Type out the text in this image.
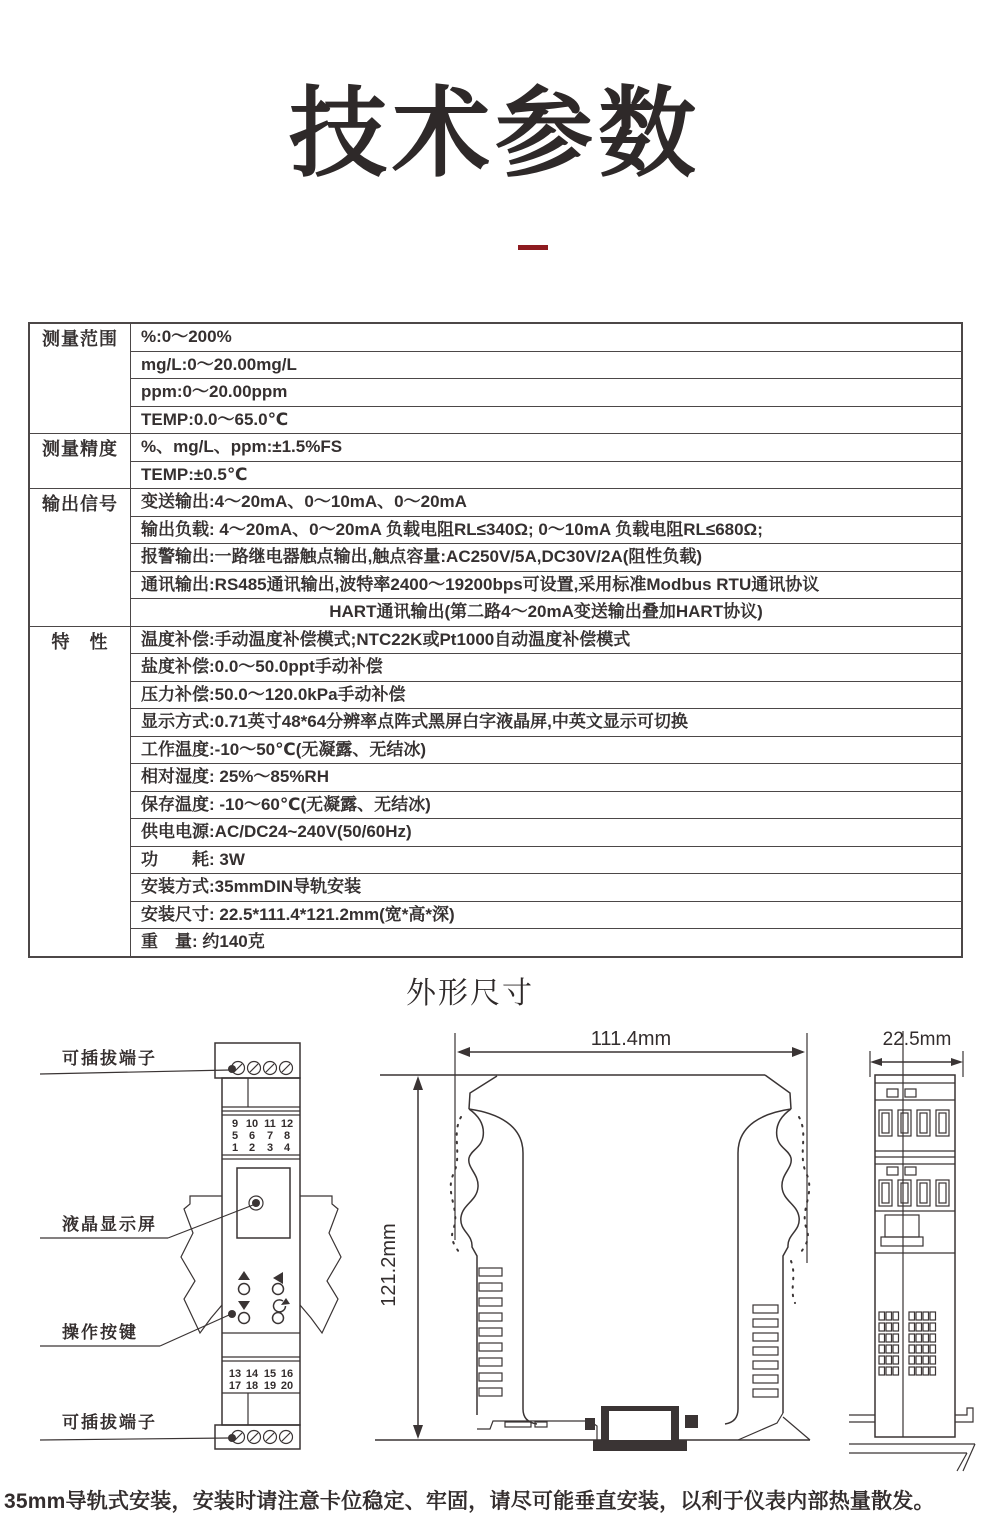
技术参数
测量范围	%:0～200%
	mg/L:0～20.00mg/L
	ppm:0～20.00ppm
	TEMP:0.0～65.0℃
测量精度	%、mg/L、ppm:±1.5%FS
	TEMP:±0.5℃
输出信号	变送输出:4～20mA、0～10mA、0～20mA
	输出负载: 4～20mA、0～20mA 负载电阻RL≤340Ω; 0～10mA 负载电阻RL≤680Ω;
	报警输出:一路继电器触点输出,触点容量:AC250V/5A,DC30V/2A(阻性负载)
	通讯输出:RS485通讯输出,波特率2400～19200bps可设置,采用标准Modbus RTU通讯协议
	HART通讯输出(第二路4～20mA变送输出叠加HART协议)
特　性	温度补偿:手动温度补偿模式;NTC22K或Pt1000自动温度补偿模式
	盐度补偿:0.0～50.0ppt手动补偿
	压力补偿:50.0～120.0kPa手动补偿
	显示方式:0.71英寸48*64分辨率点阵式黑屏白字液晶屏,中英文显示可切换
	工作温度:-10～50℃(无凝露、无结冰)
	相对湿度: 25%～85%RH
	保存温度: -10～60℃(无凝露、无结冰)
	供电电源:AC/DC24~240V(50/60Hz)
	功　　耗: 3W
	安装方式:35mmDIN导轨安装
	安装尺寸: 22.5*111.4*121.2mm(宽*高*深)
	重　量: 约140克
外形尺寸
9 10 11 12
5 6 7 8
1 2 3 4
13 14 15 16
17 18 19 20
可插拔端子
液晶显示屏
操作按键
可插拔端子
111.4mm
121.2mm
22.5mm
35mm导轨式安装，安装时请注意卡位稳定、牢固，请尽可能垂直安装，以利于仪表内部热量散发。
